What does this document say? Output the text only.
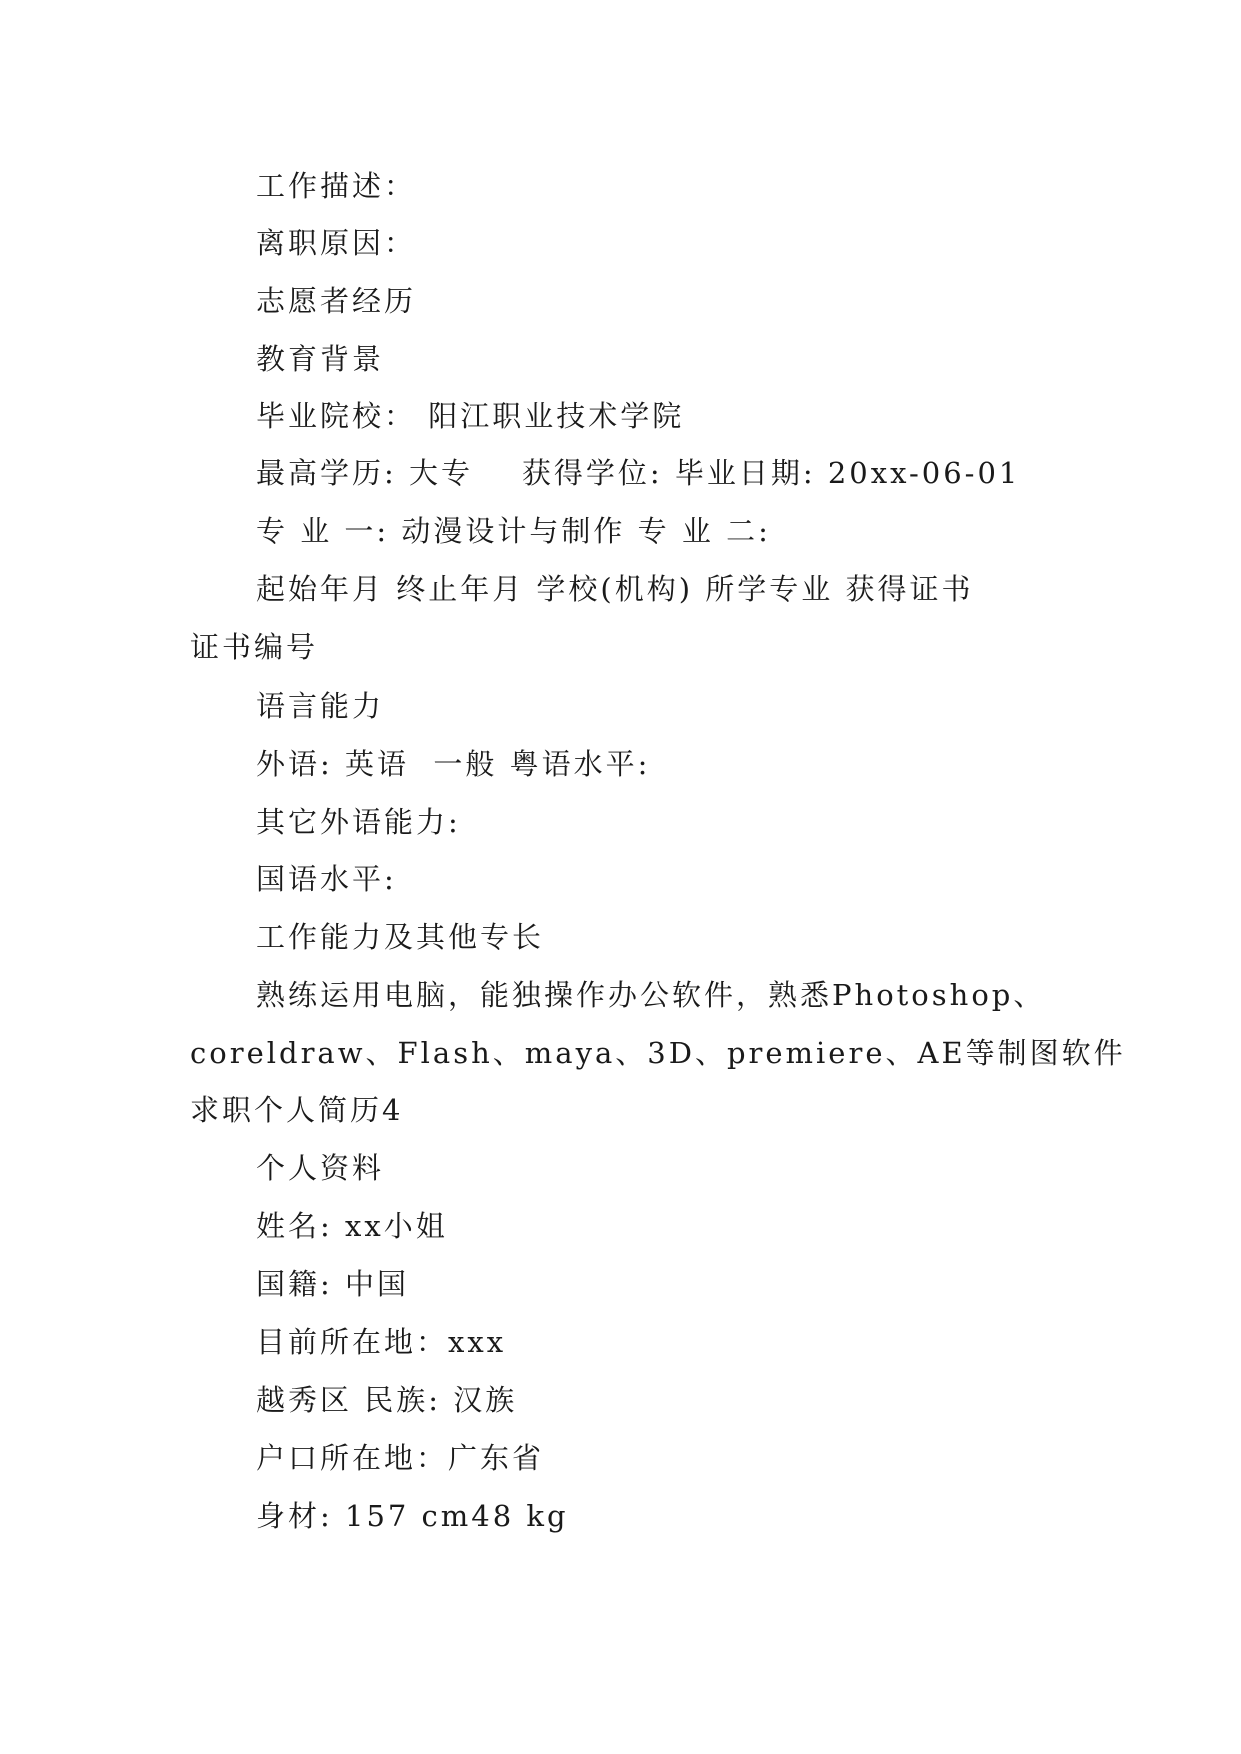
工作描述：
离职原因：
志愿者经历
教育背景
毕业院校： 阳江职业技术学院
最高学历: 大专    获得学位: 毕业日期: 20xx-06-01
专 业 一: 动漫设计与制作 专 业 二:
起始年月 终止年月 学校(机构) 所学专业 获得证书
证书编号
语言能力
外语: 英语  一般 粤语水平:
其它外语能力:
国语水平:
工作能力及其他专长
熟练运用电脑，能独操作办公软件，熟悉Photoshop、
coreldraw、Flash、maya、3D、premiere、AE等制图软件
求职个人简历4
个人资料
姓名: xx小姐
国籍: 中国
目前所在地：xxx
越秀区 民族: 汉族
户口所在地：广东省
身材: 157 cm48 kg
